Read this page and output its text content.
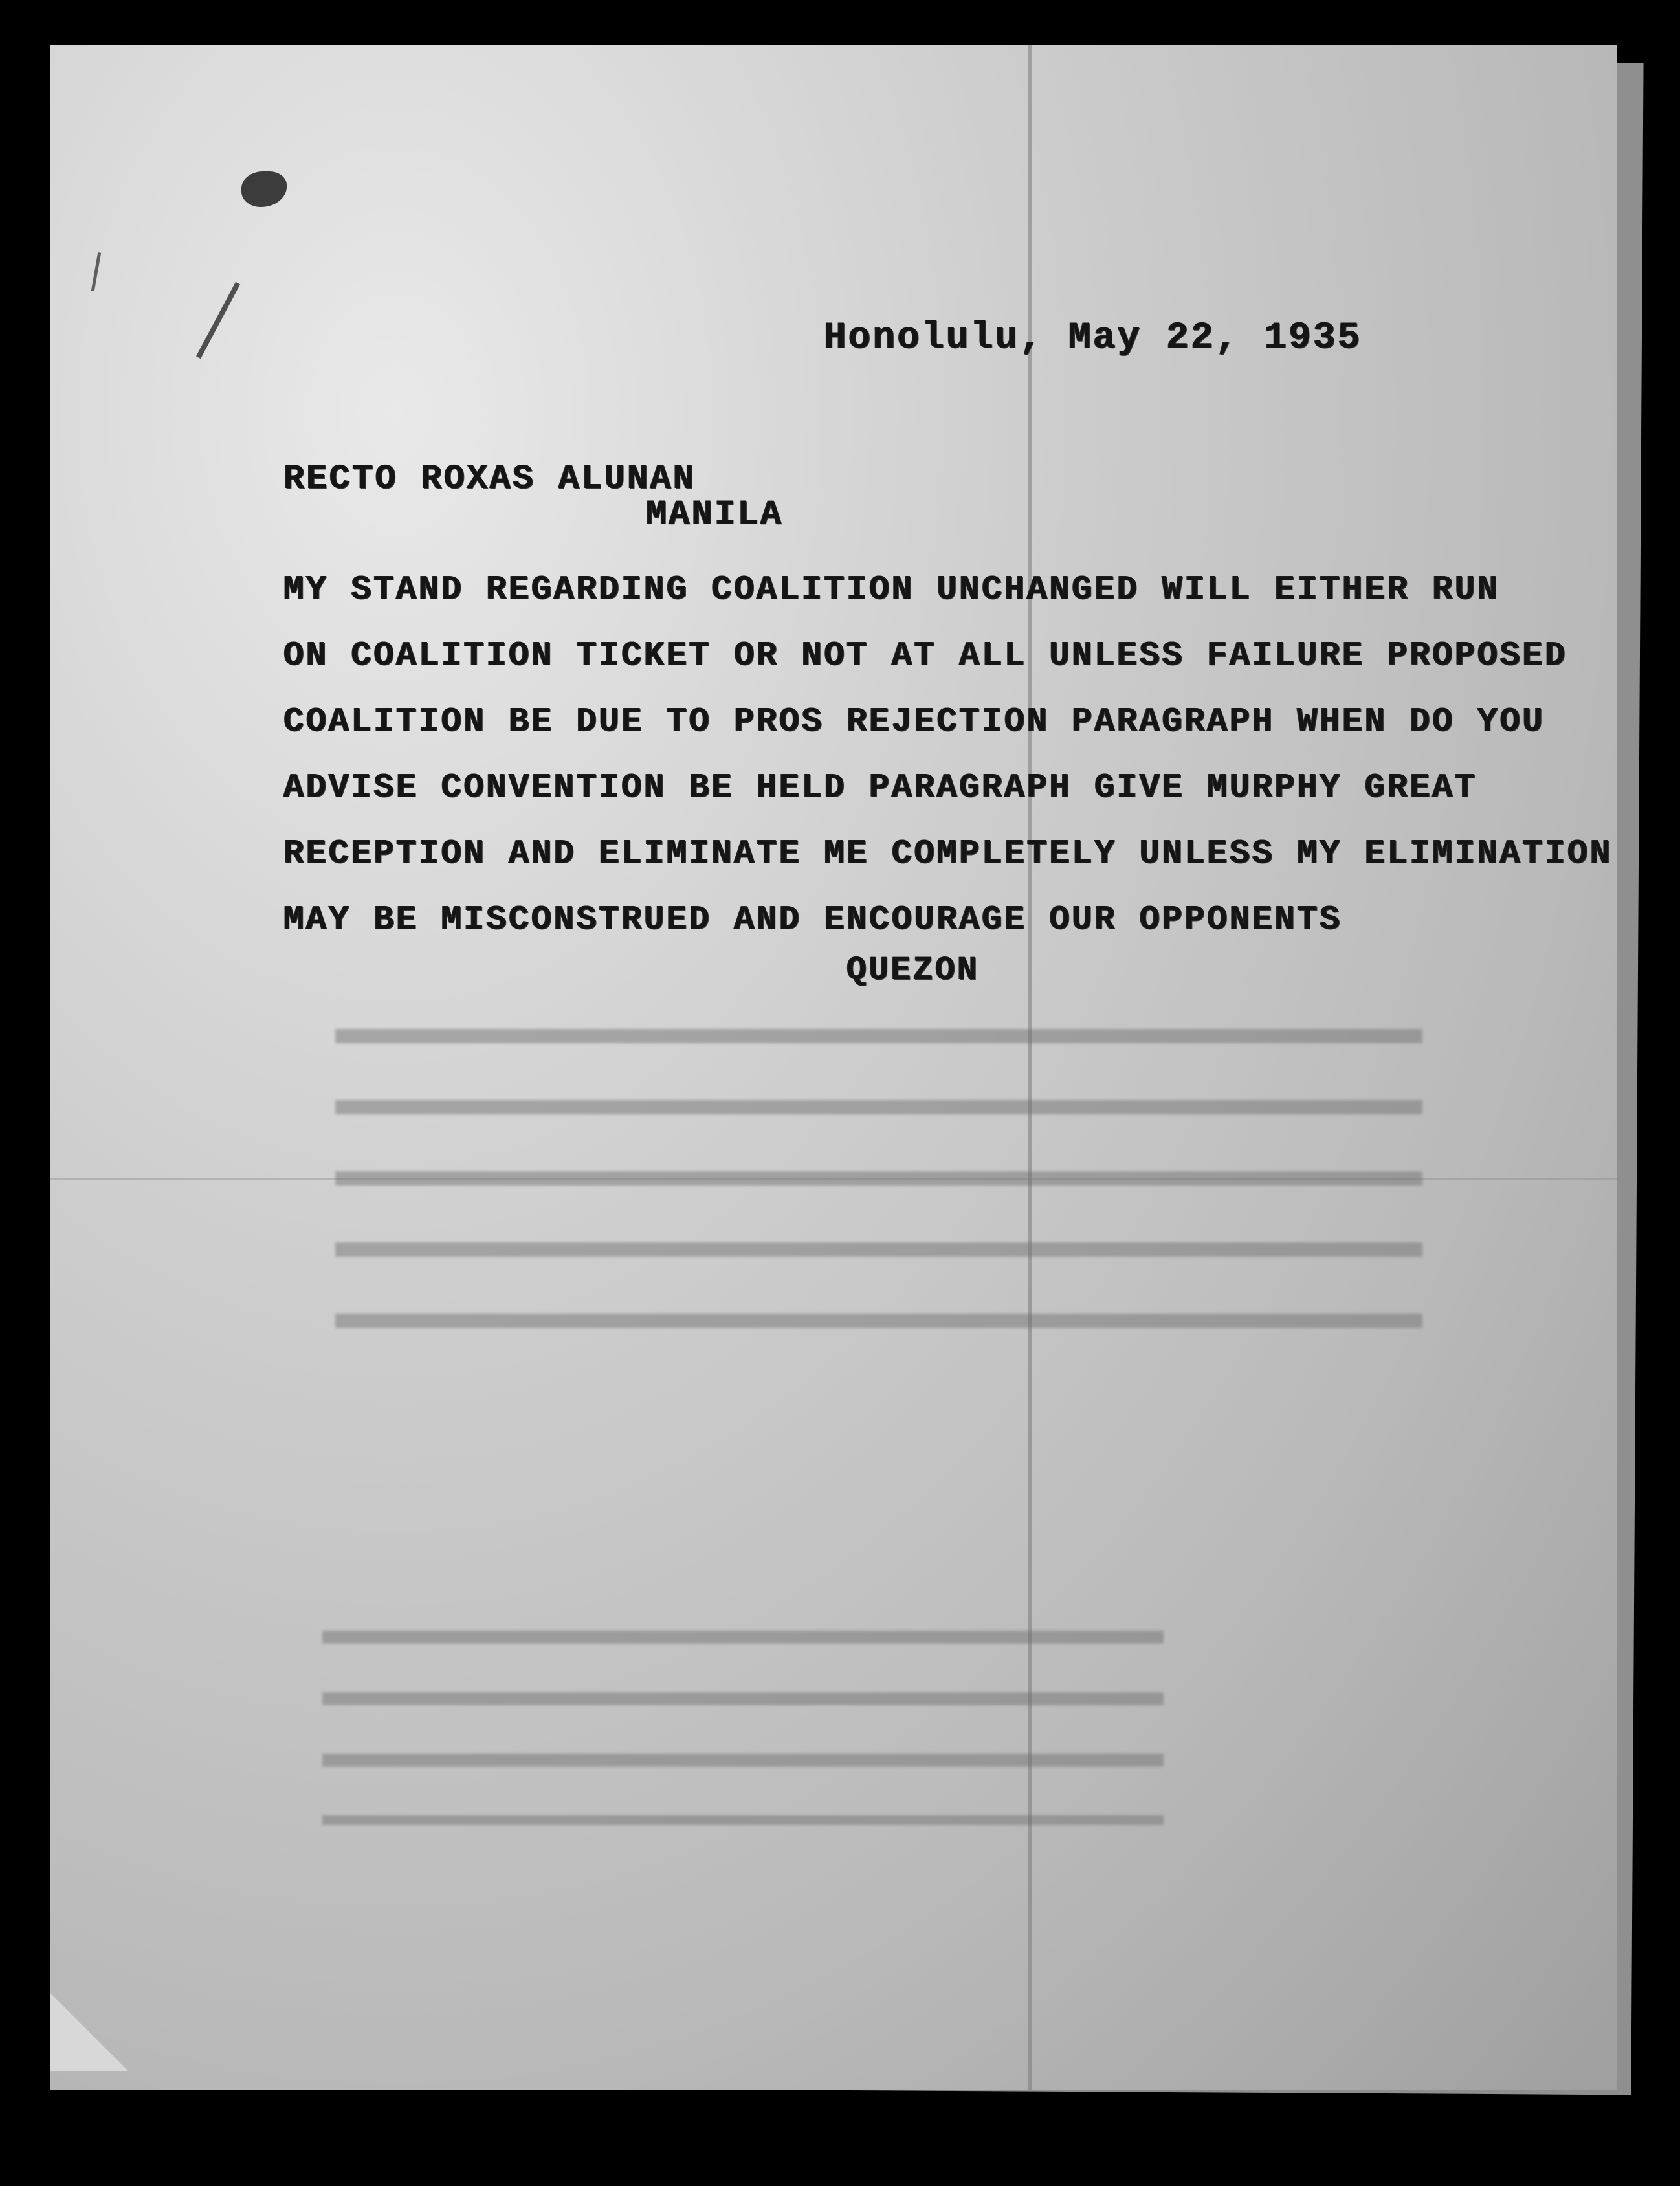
Honolulu, May 22, 1935
RECTO ROXAS ALUNAN
MANILA
MY STAND REGARDING COALITION UNCHANGED WILL EITHER RUN
ON COALITION TICKET OR NOT AT ALL UNLESS FAILURE PROPOSED
COALITION BE DUE TO PROS REJECTION PARAGRAPH WHEN DO YOU
ADVISE CONVENTION BE HELD PARAGRAPH GIVE MURPHY GREAT
RECEPTION AND ELIMINATE ME COMPLETELY UNLESS MY ELIMINATION
MAY BE MISCONSTRUED AND ENCOURAGE OUR OPPONENTS
QUEZON
